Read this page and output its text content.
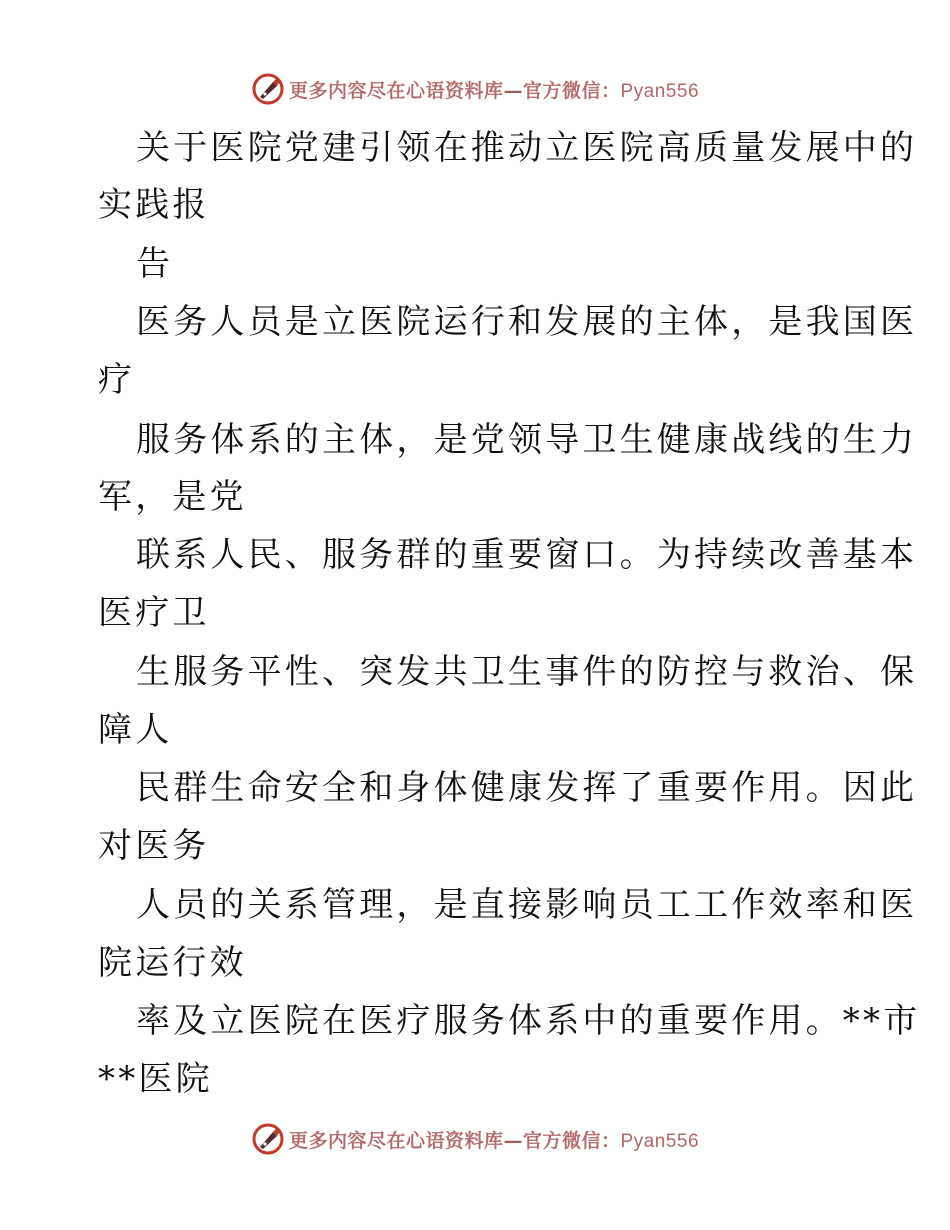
更多内容尽在心语资料库—官方微信：Pyan556
关于医院党建引领在推动立医院高质量发展中的
实践报
告
医务人员是立医院运行和发展的主体，是我国医
疗
服务体系的主体，是党领导卫生健康战线的生力
军，是党
联系人民、服务群的重要窗口。为持续改善基本
医疗卫
生服务平性、突发共卫生事件的防控与救治、保
障人
民群生命安全和身体健康发挥了重要作用。因此
对医务
人员的关系管理，是直接影响员工工作效率和医
院运行效
率及立医院在医疗服务体系中的重要作用。**市
**医院
更多内容尽在心语资料库—官方微信：Pyan556
